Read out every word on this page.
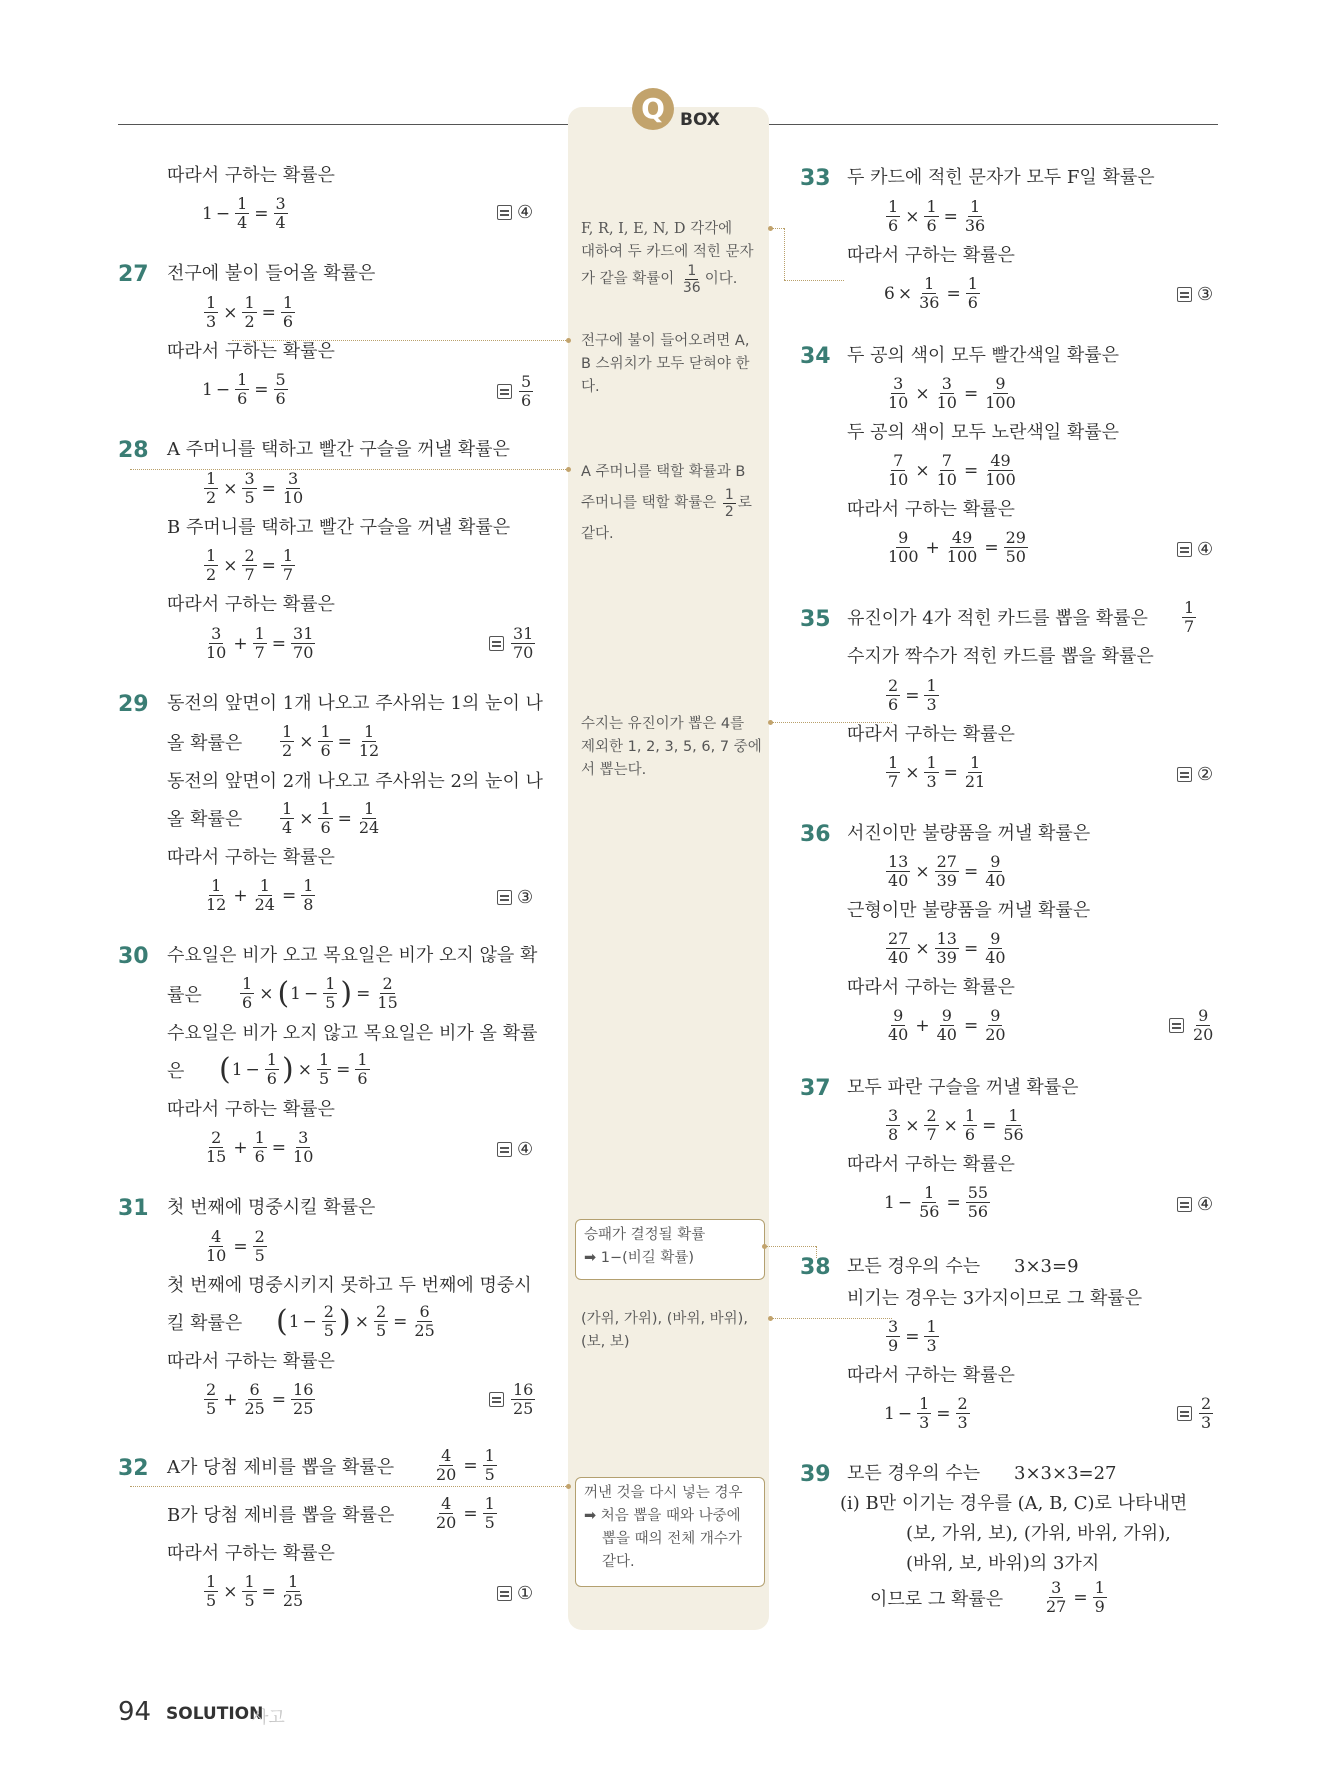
Q BOX
따라서 구하는 확률은
$1 - \frac{1}{4} = \frac{3}{4}$	④
27 전구에 불이 들어올 확률은
$\frac{1}{3} \times \frac{1}{2} = \frac{1}{6}$
따라서 구하는 확률은
$1 - \frac{1}{6} = \frac{5}{6}$	$\frac{5}{6}$
28 A 주머니를 택하고 빨간 구슬을 꺼낼 확률은
$\frac{1}{2} \times \frac{3}{5} = \frac{3}{10}$
B 주머니를 택하고 빨간 구슬을 꺼낼 확률은
$\frac{1}{2} \times \frac{2}{7} = \frac{1}{7}$
따라서 구하는 확률은
$\frac{3}{10} + \frac{1}{7} = \frac{31}{70}$	$\frac{31}{70}$
29 동전의 앞면이 1개 나오고 주사위는 1의 눈이 나
올 확률은 $\frac{1}{2} \times \frac{1}{6} = \frac{1}{12}$
동전의 앞면이 2개 나오고 주사위는 2의 눈이 나
올 확률은 $\frac{1}{4} \times \frac{1}{6} = \frac{1}{24}$
따라서 구하는 확률은
$\frac{1}{12} + \frac{1}{24} = \frac{1}{8}$	③
30 수요일은 비가 오고 목요일은 비가 오지 않을 확
률은 $\frac{1}{6}$ × ( $1 - \frac{1}{5}$ ) = $\frac{2}{15}$
수요일은 비가 오지 않고 목요일은 비가 올 확률
은 ( $1 - \frac{1}{6}$ ) × $\frac{1}{5} = \frac{1}{6}$
따라서 구하는 확률은
$\frac{2}{15} + \frac{1}{6} = \frac{3}{10}$	④
31 첫 번째에 명중시킬 확률은
$\frac{4}{10} = \frac{2}{5}$
첫 번째에 명중시키지 못하고 두 번째에 명중시
킬 확률은 ( $1 - \frac{2}{5}$ ) × $\frac{2}{5} = \frac{6}{25}$
따라서 구하는 확률은
$\frac{2}{5} + \frac{6}{25} = \frac{16}{25}$	$\frac{16}{25}$
32 A가 당첨 제비를 뽑을 확률은 $\frac{4}{20} = \frac{1}{5}$
B가 당첨 제비를 뽑을 확률은 $\frac{4}{20} = \frac{1}{5}$
따라서 구하는 확률은
$\frac{1}{5} \times \frac{1}{5} = \frac{1}{25}$	①
F, R, I, E, N, D 각각에
대하여 두 카드에 적힌 문자
가 같을 확률이
$\frac{1}{36}$ 이다.
전구에 불이 들어오려면 A,
B 스위치가 모두 닫혀야 한
다.
A 주머니를 택할 확률과 B
주머니를 택할 확률은
$\frac{1}{2}$ 로
같다.
수지는 유진이가 뽑은 4를
제외한 1, 2, 3, 5, 6, 7 중에
서 뽑는다.
승패가 결정될 확률
➡ 1−(비길 확률)
(가위, 가위), (바위, 바위),
(보, 보)
꺼낸 것을 다시 넣는 경우
➡ 처음 뽑을 때와 나중에
뽑을 때의 전체 개수가
같다.
33 두 카드에 적힌 문자가 모두 F일 확률은
$\frac{1}{6} \times \frac{1}{6} = \frac{1}{36}$
따라서 구하는 확률은
$6 \times \frac{1}{36} = \frac{1}{6}$	③
34 두 공의 색이 모두 빨간색일 확률은
$\frac{3}{10} \times \frac{3}{10} = \frac{9}{100}$
두 공의 색이 모두 노란색일 확률은
$\frac{7}{10} \times \frac{7}{10} = \frac{49}{100}$
따라서 구하는 확률은
$\frac{9}{100} + \frac{49}{100} = \frac{29}{50}$	④
35 유진이가 4가 적힌 카드를 뽑을 확률은 $\frac{1}{7}$
수지가 짝수가 적힌 카드를 뽑을 확률은
$\frac{2}{6} = \frac{1}{3}$
따라서 구하는 확률은
$\frac{1}{7} \times \frac{1}{3} = \frac{1}{21}$	②
36 서진이만 불량품을 꺼낼 확률은
$\frac{13}{40} \times \frac{27}{39} = \frac{9}{40}$
근형이만 불량품을 꺼낼 확률은
$\frac{27}{40} \times \frac{13}{39} = \frac{9}{40}$
따라서 구하는 확률은
$\frac{9}{40} + \frac{9}{40} = \frac{9}{20}$	$\frac{9}{20}$
37 모두 파란 구슬을 꺼낼 확률은
$\frac{3}{8} \times \frac{2}{7} \times \frac{1}{6} = \frac{1}{56}$
따라서 구하는 확률은
$1 - \frac{1}{56} = \frac{55}{56}$	④
38 모든 경우의 수는 3×3=9
비기는 경우는 3가지이므로 그 확률은
$\frac{3}{9} = \frac{1}{3}$
따라서 구하는 확률은
$1 - \frac{1}{3} = \frac{2}{3}$	$\frac{2}{3}$
39 모든 경우의 수는 3×3×3=27
(i) B만 이기는 경우를 (A, B, C)로 나타내면
(보, 가위, 보), (가위, 바위, 가위),
(바위, 보, 바위)의 3가지
이므로 그 확률은	$\frac{3}{27} = \frac{1}{9}$
94 SOLUTION
사고
